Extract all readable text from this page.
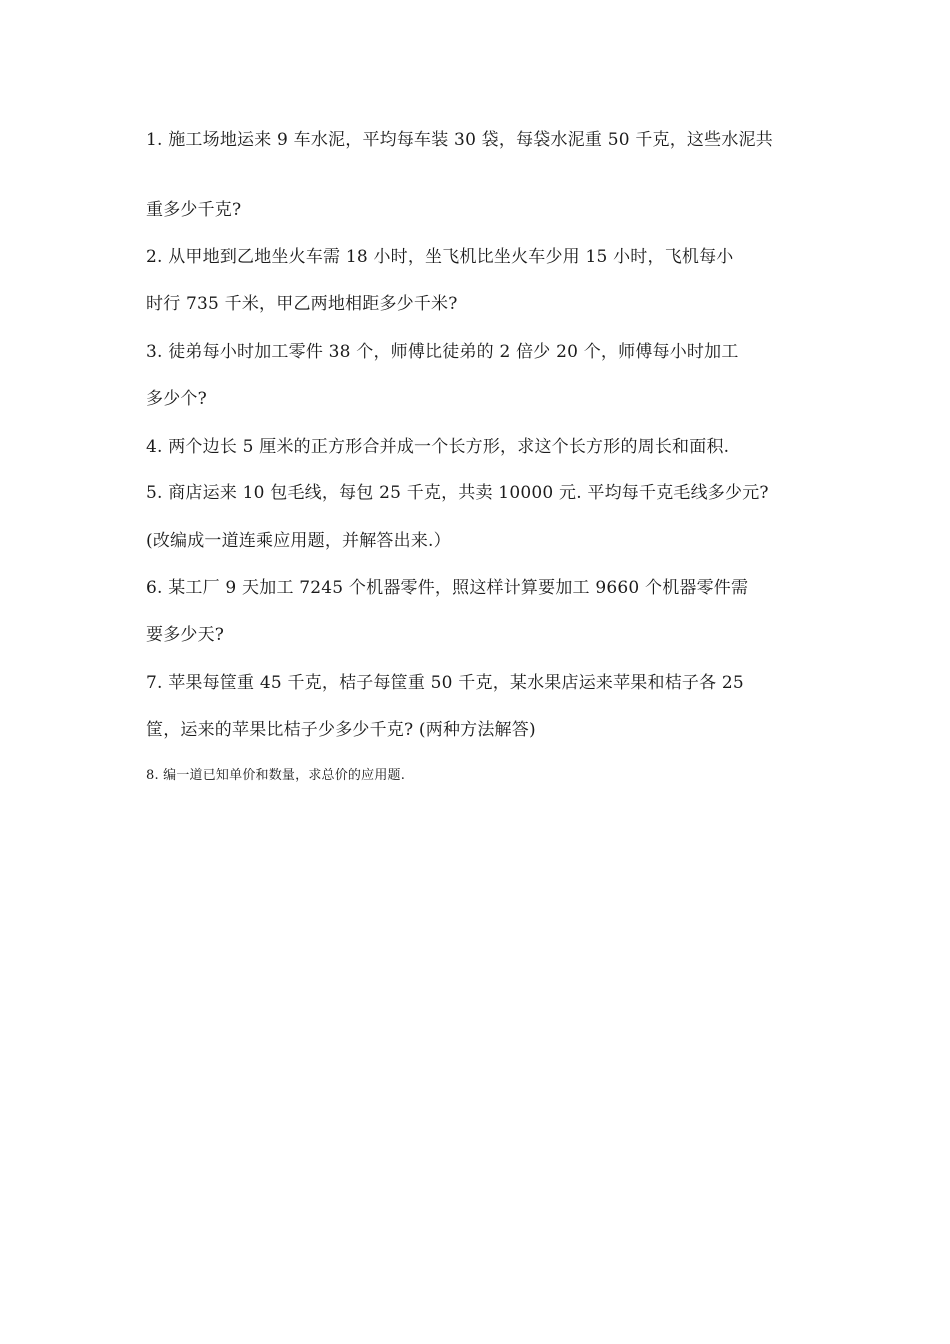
1. 施工场地运来 9 车水泥，平均每车装 30 袋，每袋水泥重 50 千克，这些水泥共
重多少千克?
2. 从甲地到乙地坐火车需 18 小时，坐飞机比坐火车少用 15 小时，飞机每小
时行 735 千米，甲乙两地相距多少千米?
3. 徒弟每小时加工零件 38 个，师傅比徒弟的 2 倍少 20 个，师傅每小时加工
多少个?
4. 两个边长 5 厘米的正方形合并成一个长方形，求这个长方形的周长和面积.
5. 商店运来 10 包毛线，每包 25 千克，共卖 10000 元. 平均每千克毛线多少元?
(改编成一道连乘应用题，并解答出来.）
6. 某工厂 9 天加工 7245 个机器零件，照这样计算要加工 9660 个机器零件需
要多少天?
7. 苹果每筐重 45 千克，桔子每筐重 50 千克，某水果店运来苹果和桔子各 25
筐，运来的苹果比桔子少多少千克? (两种方法解答)
8. 编一道已知单价和数量，求总价的应用题.
